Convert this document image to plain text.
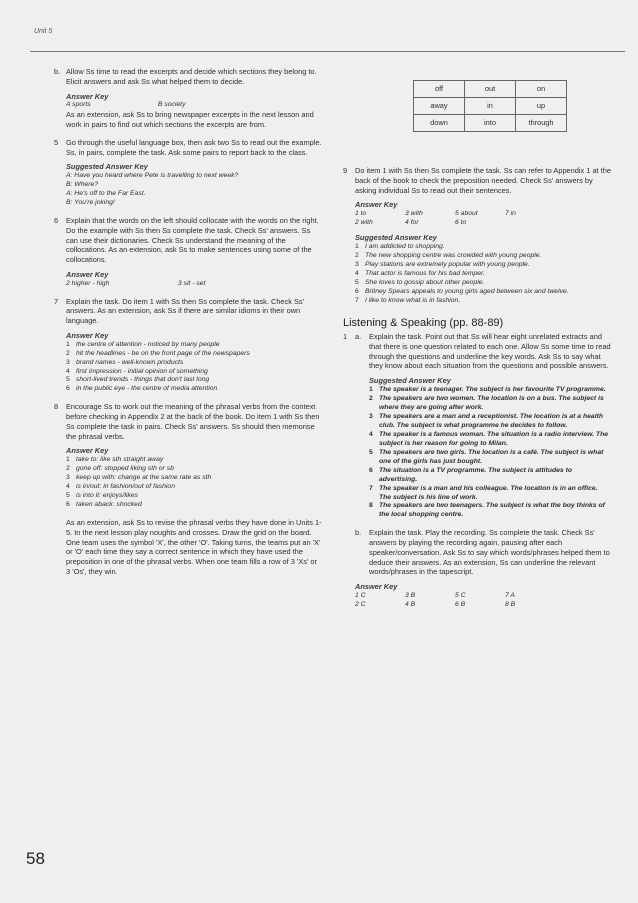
Unit 5
off	out	on
away	in	up
down	into	through
b. Allow Ss time to read the excerpts and decide which sections they belong to. Elicit answers and ask Ss what helped them to decide.
Answer Key
A sports	B society

As an extension, ask Ss to bring newspaper excerpts in the next lesson and work in pairs to find out which sections the excerpts are from.

5	Go through the useful language box, then ask two Ss to read out the example. Ss, in pairs, complete the task. Ask some pairs to report back to the class.
Suggested Answer Key
A: Have you heard where Pete is travelling to next week?
B: Where?
A: He's off to the Far East.
B: You're joking!
6	Explain that the words on the left should collocate with the words on the right. Do the example with Ss then Ss complete the task. Check Ss' answers. Ss can use their dictionaries. Check Ss understand the meaning of the collocations. As an extension, ask Ss to make sentences using some of the collocations.
Answer Key
2 higher - high	3 sit - set
7	Explain the task. Do item 1 with Ss then Ss complete the task. Check Ss' answers. As an extension, ask Ss if there are similar idioms in their own language.
Answer Key
1 the centre of attention - noticed by many people
2 hit the headlines - be on the front page of the newspapers
3 brand names - well-known products
4 first impression - initial opinion of something
5 short-lived trends - things that don't last long
6 in the public eye - the centre of media attention
8	Encourage Ss to work out the meaning of the phrasal verbs from the context before checking in Appendix 2 at the back of the book. Do item 1 with Ss then Ss complete the task in pairs. Check Ss' answers. Ss should then memorise the phrasal verbs.
Answer Key
1 take to: like sth straight away
2 gone off: stopped liking sth or sb
3 keep up with: change at the same rate as sth
4 is in/out: in fashion/out of fashion
5 is into it: enjoys/likes
6 taken aback: shocked

As an extension, ask Ss to revise the phrasal verbs they have done in Units 1-5. In the next lesson play noughts and crosses. Draw the grid on the board. One team uses the symbol 'X', the other 'O'. Taking turns, the teams put an 'X' or 'O' each time they say a correct sentence in which they have used the preposition in one of the phrasal verbs. When one team fills a row of 3 'Xs' or 3 'Os', they win.

9	Do item 1 with Ss then Ss complete the task. Ss can refer to Appendix 1 at the back of the book to check the preposition needed. Check Ss' answers by asking individual Ss to read out their sentences.
Answer Key
1 to	3 with	5 about	7 in
2 with	4 for	6 to
Suggested Answer Key
1 I am addicted to shopping.
2 The new shopping centre was crowded with young people.
3 Play stations are extremely popular with young people.
4 That actor is famous for his bad temper.
5 She loves to gossip about other people.
6 Britney Spears appeals to young girls aged between six and twelve.
7 I like to know what is in fashion.
Listening & Speaking (pp. 88-89)
1	a.	Explain the task. Point out that Ss will hear eight unrelated extracts and that there is one question related to each one. Allow Ss some time to read through the questions and underline the key words. Ask Ss to say what they know about each situation from the questions and possible answers.
Suggested Answer Key
1 The speaker is a teenager. The subject is her favourite TV programme.
2 The speakers are two women. The location is on a bus. The subject is where they are going after work.
3 The speakers are a man and a receptionist. The location is at a health club. The subject is what programme he decides to follow.
4 The speaker is a famous woman. The situation is a radio interview. The subject is her reason for going to Milan.
5 The speakers are two girls. The location is a café. The subject is what one of the girls has just bought.
6 The situation is a TV programme. The subject is attitudes to advertising.
7 The speaker is a man and his colleague. The location is in an office. The subject is his line of work.
8 The speakers are two teenagers. The subject is what the boy thinks of the local shopping centre.
b.	Explain the task. Play the recording. Ss complete the task. Check Ss' answers by playing the recording again, pausing after each speaker/conversation. Ask Ss to say which words/phrases helped them to deduce their answers. As an extension, Ss can underline the relevant words/phrases in the tapescript.
Answer Key
1 C	3 B	5 C	7 A
2 C	4 B	6 B	8 B
58
